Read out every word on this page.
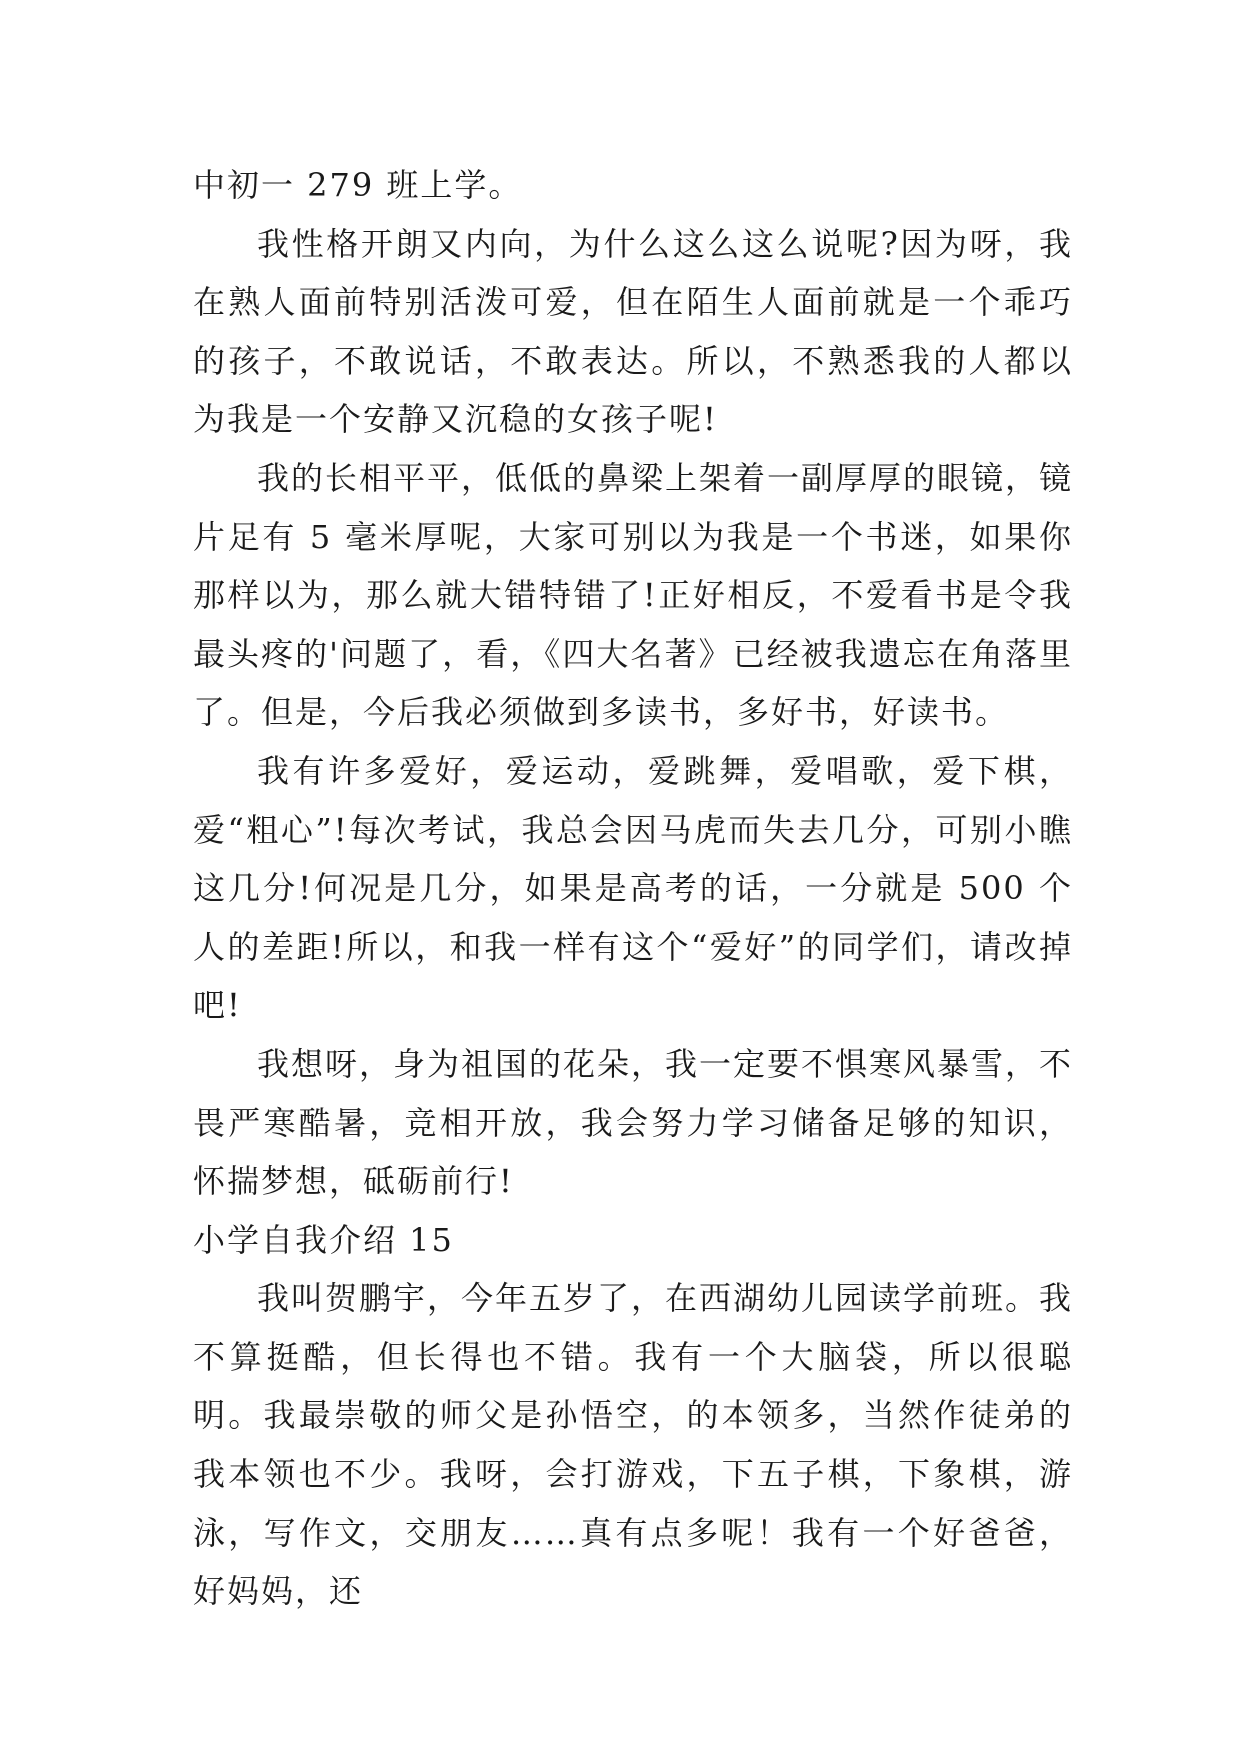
中初一 279 班上学。

我性格开朗又内向，为什么这么这么说呢?因为呀，我在熟人面前特别活泼可爱，但在陌生人面前就是一个乖巧的孩子，不敢说话，不敢表达。所以，不熟悉我的人都以为我是一个安静又沉稳的女孩子呢!

我的长相平平，低低的鼻梁上架着一副厚厚的眼镜，镜片足有 5 毫米厚呢，大家可别以为我是一个书迷，如果你那样以为，那么就大错特错了!正好相反，不爱看书是令我最头疼的'问题了，看，《四大名著》已经被我遗忘在角落里了。但是，今后我必须做到多读书，多好书，好读书。

我有许多爱好，爱运动，爱跳舞，爱唱歌，爱下棋，爱“粗心”!每次考试，我总会因马虎而失去几分，可别小瞧这几分!何况是几分，如果是高考的话，一分就是 500 个人的差距!所以，和我一样有这个“爱好”的同学们，请改掉吧!

我想呀，身为祖国的花朵，我一定要不惧寒风暴雪，不畏严寒酷暑，竞相开放，我会努力学习储备足够的知识，怀揣梦想，砥砺前行!

小学自我介绍 15

我叫贺鹏宇，今年五岁了，在西湖幼儿园读学前班。我不算挺酷，但长得也不错。我有一个大脑袋，所以很聪明。我最崇敬的师父是孙悟空，的本领多，当然作徒弟的我本领也不少。我呀，会打游戏，下五子棋，下象棋，游泳，写作文，交朋友……真有点多呢！我有一个好爸爸，好妈妈，还
